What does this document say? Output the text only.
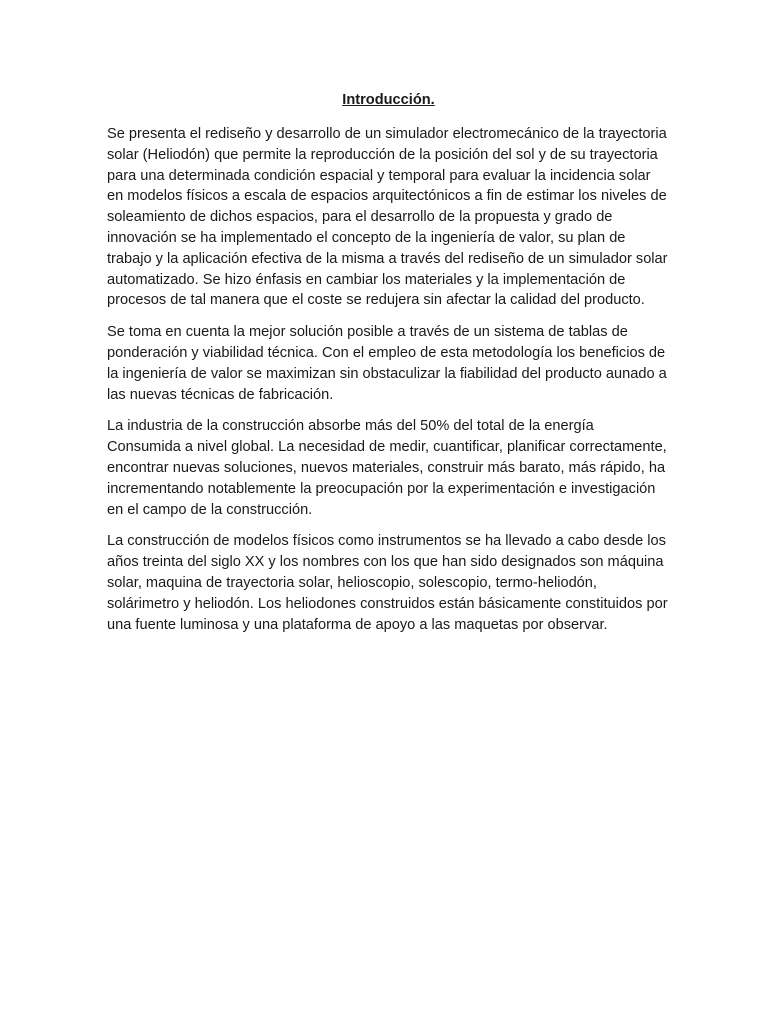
Introducción.

Se presenta el rediseño y desarrollo de un simulador electromecánico de la trayectoria solar (Heliodón) que permite la reproducción de la posición del sol y de su trayectoria para una determinada condición espacial y temporal para evaluar la incidencia solar en modelos físicos a escala de espacios arquitectónicos a fin de estimar los niveles de soleamiento de dichos espacios, para el desarrollo de la propuesta y grado de innovación se ha implementado el concepto de la ingeniería de valor, su plan de trabajo y la aplicación efectiva de la misma a través del rediseño de un simulador solar automatizado. Se hizo énfasis en cambiar los materiales y la implementación de procesos de tal manera que el coste se redujera sin afectar la calidad del producto.

Se toma en cuenta la mejor solución posible a través de un sistema de tablas de ponderación y viabilidad técnica. Con el empleo de esta metodología los beneficios de la ingeniería de valor se maximizan sin obstaculizar la fiabilidad del producto aunado a las nuevas técnicas de fabricación.

La industria de la construcción absorbe más del 50% del total de la energía Consumida a nivel global. La necesidad de medir, cuantificar, planificar correctamente, encontrar nuevas soluciones, nuevos materiales, construir más barato, más rápido, ha incrementando notablemente la preocupación por la experimentación e investigación en el campo de la construcción.

La construcción de modelos físicos como instrumentos se ha llevado a cabo desde los años treinta del siglo XX y los nombres con los que han sido designados son máquina solar, maquina de trayectoria solar, helioscopio, solescopio, termo-heliodón, solárimetro y heliodón. Los heliodones construidos están básicamente constituidos por una fuente luminosa y una plataforma de apoyo a las maquetas por observar.
